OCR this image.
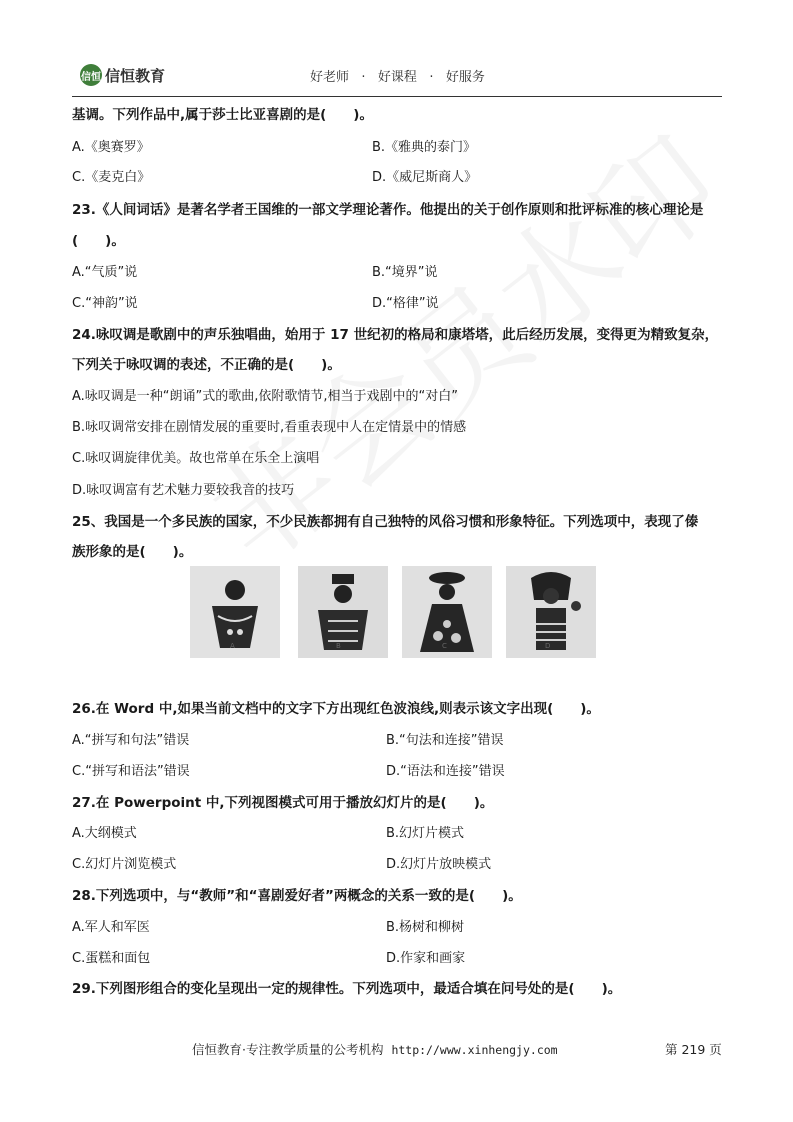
信恒 信恒教育	好老师   ·   好课程   ·   好服务
基调。下列作品中,属于莎士比亚喜剧的是(　　)。
A.《奥赛罗》	B.《雅典的泰门》
C.《麦克白》	D.《威尼斯商人》
23.《人间词话》是著名学者王国维的一部文学理论著作。他提出的关于创作原则和批评标准的核心理论是
(　　)。
A.“气质”说	B.“境界”说
C.“神韵”说	D.“格律”说
24.咏叹调是歌剧中的声乐独唱曲，始用于 17 世纪初的格局和康塔塔，此后经历发展，变得更为精致复杂，
下列关于咏叹调的表述，不正确的是(　　)。
A.咏叹调是一种“朗诵”式的歌曲,依附歌情节,相当于戏剧中的“对白”
B.咏叹调常安排在剧情发展的重要时,看重表现中人在定情景中的情感
C.咏叹调旋律优美。故也常单在乐全上演唱
D.咏叹调富有艺术魅力要较我音的技巧
25、我国是一个多民族的国家，不少民族都拥有自己独特的风俗习惯和形象特征。下列选项中，表现了傣
族形象的是(　　)。
A	B	C	D
26.在 Word 中,如果当前文档中的文字下方出现红色波浪线,则表示该文字出现(　　)。
A.“拼写和句法”错误	B.“句法和连接”错误
C.“拼写和语法”错误	D.“语法和连接”错误
27.在 Powerpoint 中,下列视图模式可用于播放幻灯片的是(　　)。
A.大纲模式	B.幻灯片模式
C.幻灯片浏览模式	D.幻灯片放映模式
28.下列选项中，与“教师”和“喜剧爱好者”两概念的关系一致的是(　　)。
A.军人和军医	B.杨树和柳树
C.蛋糕和面包	D.作家和画家
29.下列图形组合的变化呈现出一定的规律性。下列选项中，最适合填在问号处的是(　　)。
信恒教育·专注教学质量的公考机构 http://www.xinhengjy.com	第 219 页
